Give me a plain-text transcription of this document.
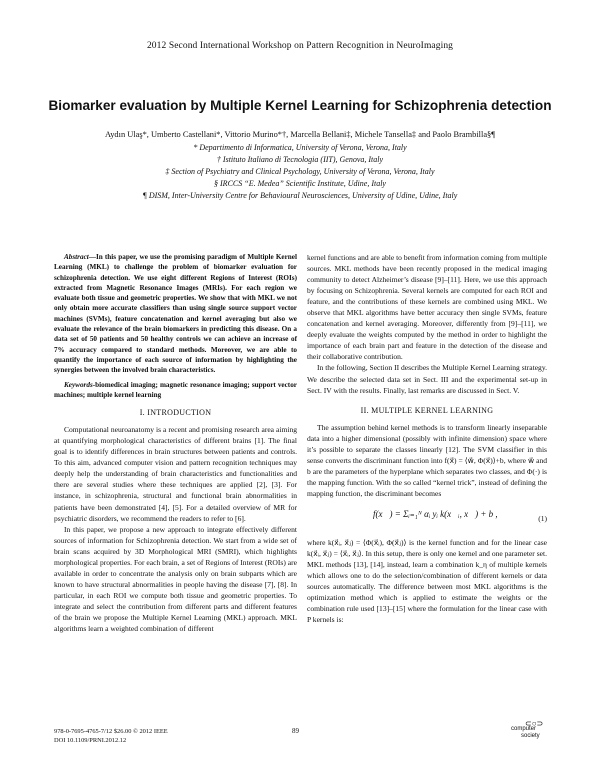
2012 Second International Workshop on Pattern Recognition in NeuroImaging
Biomarker evaluation by Multiple Kernel Learning for Schizophrenia detection
Aydın Ulaş*, Umberto Castellani*, Vittorio Murino*†, Marcella Bellani‡, Michele Tansella‡ and Paolo Brambilla§¶
* Departimento di Informatica, University of Verona, Verona, Italy
† Istituto Italiano di Tecnologia (IIT), Genova, Italy
‡ Section of Psychiatry and Clinical Psychology, University of Verona, Verona, Italy
§ IRCCS “E. Medea” Scientific Institute, Udine, Italy
¶ DISM, Inter-University Centre for Behavioural Neurosciences, University of Udine, Udine, Italy

Abstract—In this paper, we use the promising paradigm of Multiple Kernel Learning (MKL) to challenge the problem of biomarker evaluation for schizophrenia detection. We use eight different Regions of Interest (ROIs) extracted from Magnetic Resonance Images (MRIs). For each region we evaluate both tissue and geometric properties. We show that with MKL we not only obtain more accurate classifiers than using single source support vector machines (SVMs), feature concatenation and kernel averaging but also we evaluate the relevance of the brain biomarkers in predicting this disease. On a data set of 50 patients and 50 healthy controls we can achieve an increase of 7% accuracy compared to standard methods. Moreover, we are able to quantify the importance of each source of information by highlighting the synergies between the involved brain characteristics.

Keywords-biomedical imaging; magnetic resonance imaging; support vector machines; multiple kernel learning

I. INTRODUCTION

Computational neuroanatomy is a recent and promising research area aiming at quantifying morphological characteristics of different brains [1]. The final goal is to identify differences in brain structures between patients and controls. To this aim, advanced computer vision and pattern recognition techniques may deeply help the understanding of brain characteristics and functionalities and there are several studies where these techniques are applied [2], [3]. For instance, in schizophrenia, structural and functional brain abnormalities in patients have been demonstrated [4], [5]. For a detailed overview of MR for psychiatric disorders, we recommend the readers to refer to [6].

In this paper, we propose a new approach to integrate effectively different sources of information for Schizophrenia detection. We start from a wide set of brain scans acquired by 3D Morphological MRI (SMRI), which highlights morphological properties. For each brain, a set of Regions of Interest (ROIs) are available in order to concentrate the analysis only on brain subparts which are known to have structural abnormalities in people having the disease [7], [8]. In particular, in each ROI we compute both tissue and geometric properties. To integrate and select the contribution from different parts and different features of the brain we propose the Multiple Kernel Learning (MKL) approach. MKL algorithms learn a weighted combination of different

kernel functions and are able to benefit from information coming from multiple sources. MKL methods have been recently proposed in the medical imaging community to detect Alzheimer’s disease [9]–[11]. Here, we use this approach by focusing on Schizophrenia. Several kernels are computed for each ROI and feature, and the contributions of these kernels are combined using MKL. We observe that MKL algorithms have better accuracy then single SVMs, feature concatenation and kernel averaging. Moreover, differently from [9]–[11], we deeply evaluate the weights computed by the method in order to highlight the importance of each brain part and feature in the detection of the disease and their collaborative contribution.

In the following, Section II describes the Multiple Kernel Learning strategy. We describe the selected data set in Sect. III and the experimental set-up in Sect. IV with the results. Finally, last remarks are discussed in Sect. V.

II. MULTIPLE KERNEL LEARNING

The assumption behind kernel methods is to transform linearly inseparable data into a higher dimensional (possibly with infinite dimension) space where it’s possible to separate the classes linearly [12]. The SVM classifier in this sense converts the discriminant function into f(x⃗) = ⟨w⃗, Φ(x⃗)⟩+b, where w⃗ and b are the parameters of the hyperplane which separates two classes, and Φ(·) is the mapping function. With the so called “kernel trick”, instead of defining the mapping function, the discriminant becomes

f(x⃗) = Σᵢ₌₁ᴺ αᵢ yᵢ k(x⃗ᵢ, x⃗) + b ,	(1)

where k(x⃗ᵢ, x⃗ⱼ) = ⟨Φ(x⃗ᵢ), Φ(x⃗ⱼ)⟩ is the kernel function and for the linear case k(x⃗ᵢ, x⃗ⱼ) = ⟨x⃗ᵢ, x⃗ⱼ⟩. In this setup, there is only one kernel and one parameter set. MKL methods [13], [14], instead, learn a combination k_η of multiple kernels which allows one to do the selection/combination of different kernels or data sources automatically. The difference between most MKL algorithms is the optimization method which is applied to estimate the weights or the combination rule used [13]–[15] where the formulation for the linear case with P kernels is:

978-0-7695-4765-7/12 $26.00 © 2012 IEEE
DOI 10.1109/PRNI.2012.12
89
⊂○⊃
computer
society
